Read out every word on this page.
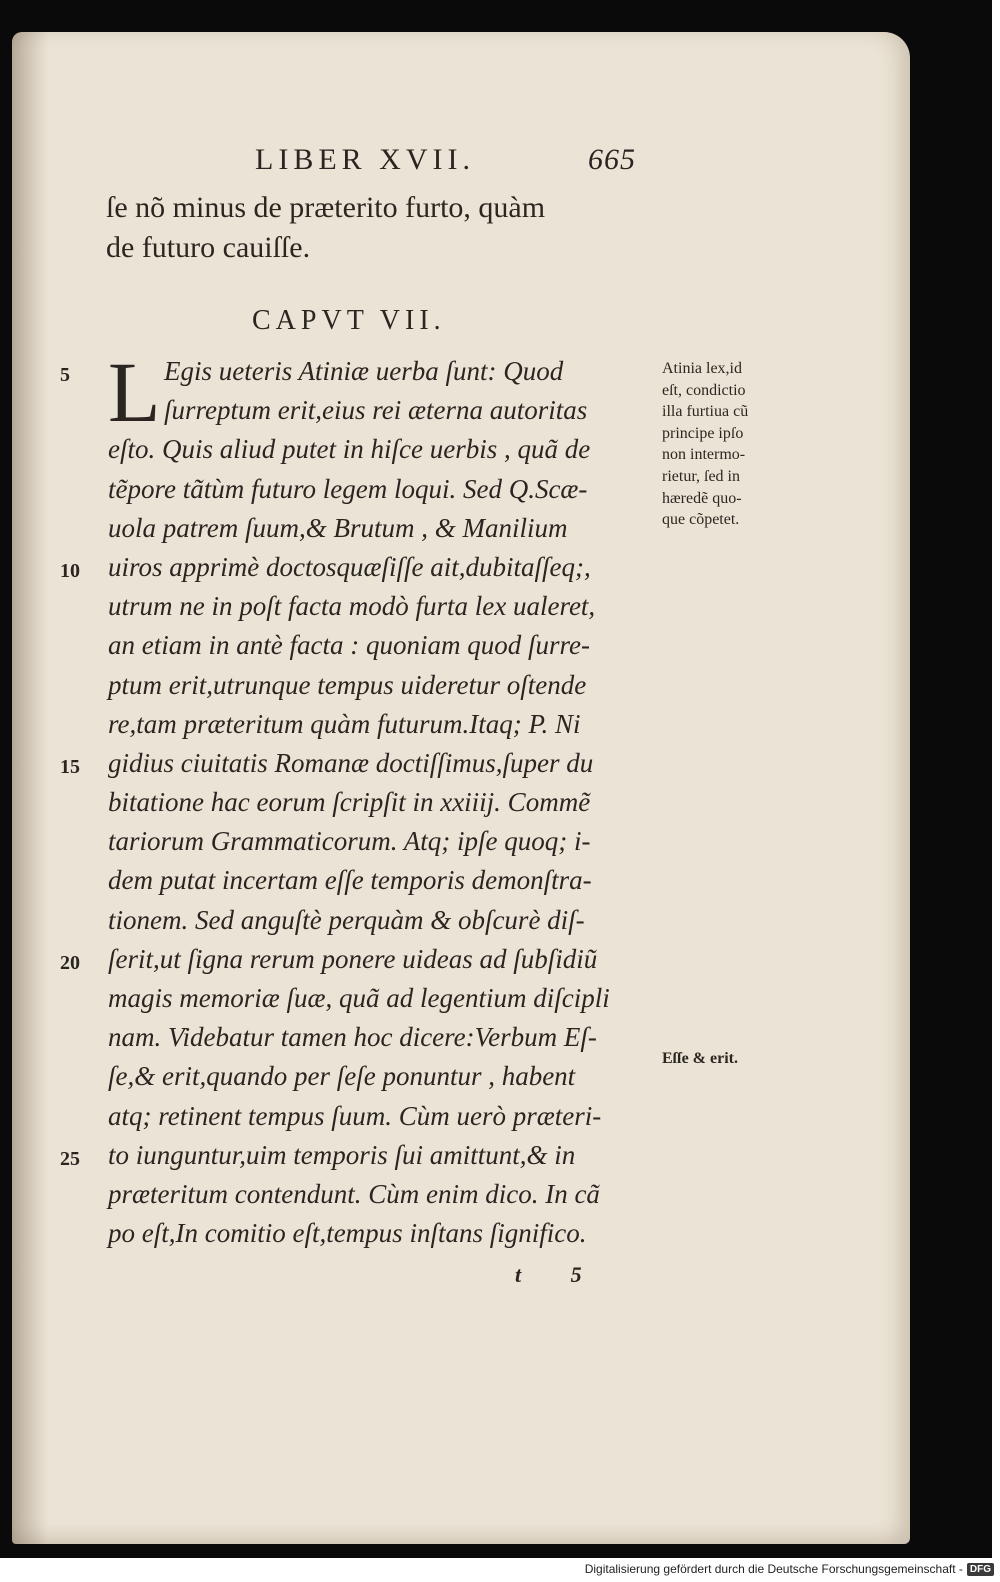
LIBER XVII.	665
ſe nõ minus de prӕterito furto, quàm
de futuro cauiſſe.
CAPVT VII.
L Egis ueteris Atiniӕ uerba ſunt: Quod
ſurreptum erit,eius rei ӕterna autoritas
eſto. Quis aliud putet in hiſce uerbis , quã de
tẽpore tãtùm futuro legem loqui. Sed Q.Scӕ-
uola patrem ſuum,& Brutum , & Manilium
uiros apprimè doctosquӕſiſſe ait,dubitaſſeq;,
utrum ne in poſt facta modò furta lex ualeret,
an etiam in antè facta : quoniam quod ſurre-
ptum erit,utrunque tempus uideretur oſtende
re,tam prӕteritum quàm futurum.Itaq; P. Ni
gidius ciuitatis Romanӕ doctiſſimus,ſuper du
bitatione hac eorum ſcripſit in xxiiij. Commẽ
tariorum Grammaticorum. Atq; ipſe quoq; i-
dem putat incertam eſſe temporis demonſtra-
tionem. Sed anguſtè perquàm & obſcurè diſ-
ſerit,ut ſigna rerum ponere uideas ad ſubſidiũ
magis memoriӕ ſuӕ, quã ad legentium diſcipli
nam. Videbatur tamen hoc dicere:Verbum Eſ-
ſe,& erit,quando per ſeſe ponuntur , habent
atq; retinent tempus ſuum. Cùm uerò prӕteri-
to iunguntur,uim temporis ſui amittunt,& in
prӕteritum contendunt. Cùm enim dico. In cã
po eſt,In comitio eſt,tempus inſtans ſignifico.
5
10
15
20
25
Atinia lex,id
eſt, condictio
illa furtiua cũ
principe ipſo
non intermo-
rietur, ſed in
hӕredẽ quo-
que cõpetet.
Eſſe & erit.
t 5
Digitalisierung gefördert durch die Deutsche Forschungsgemeinschaft - DFG
